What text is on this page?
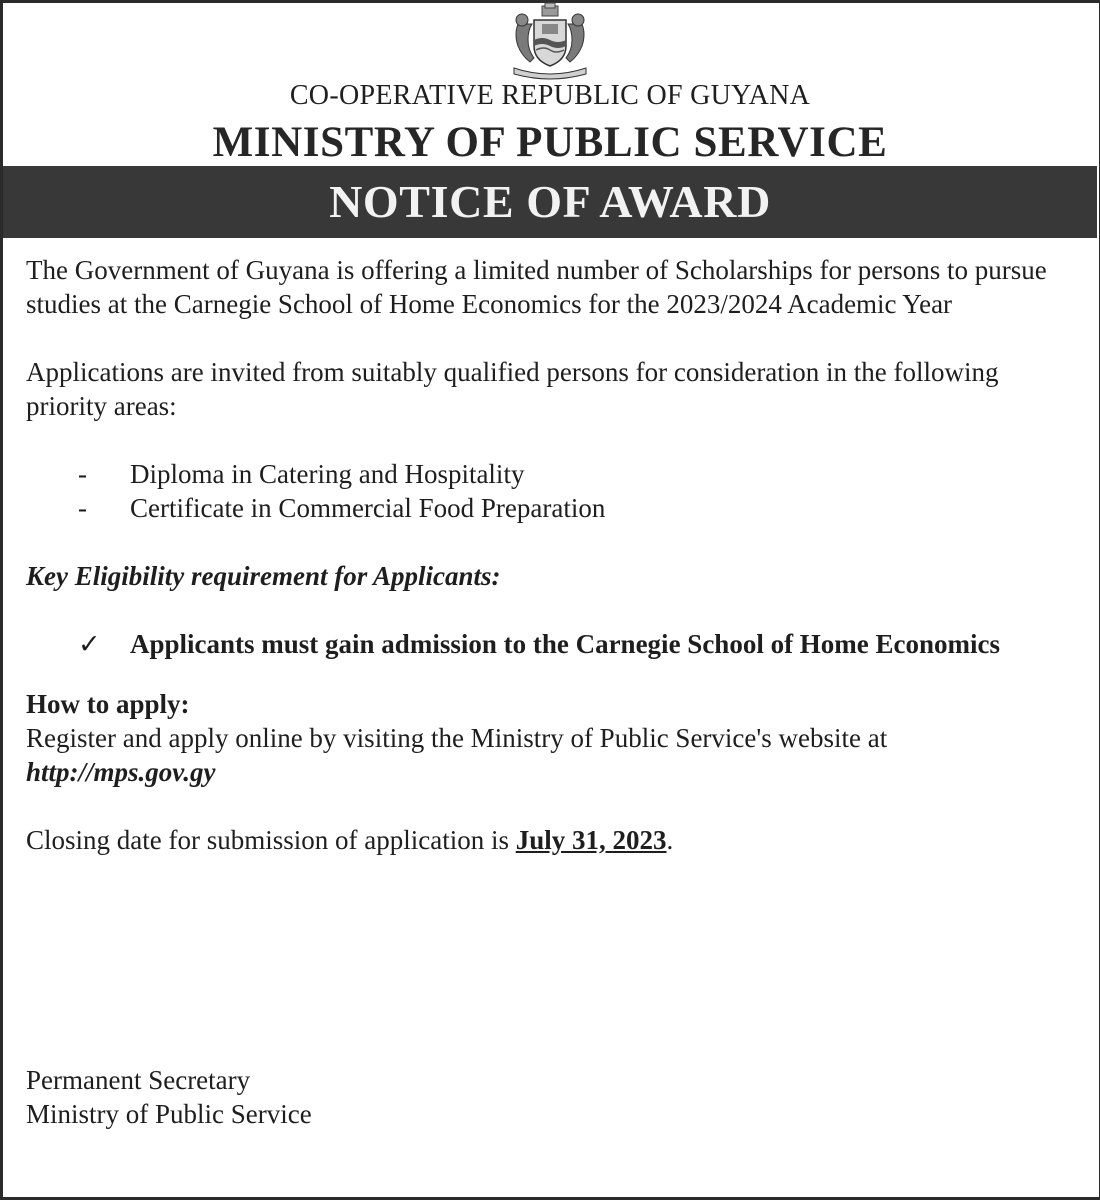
CO-OPERATIVE REPUBLIC OF GUYANA
MINISTRY OF PUBLIC SERVICE
NOTICE OF AWARD

The Government of Guyana is offering a limited number of Scholarships for persons to pursue studies at the Carnegie School of Home Economics for the 2023/2024 Academic Year

Applications are invited from suitably qualified persons for consideration in the following priority areas:

-	Diploma in Catering and Hospitality
-	Certificate in Commercial Food Preparation

Key Eligibility requirement for Applicants:

✓	Applicants must gain admission to the Carnegie School of Home Economics

How to apply:

Register and apply online by visiting the Ministry of Public Service's website at

http://mps.gov.gy

Closing date for submission of application is July 31, 2023.

Permanent Secretary
Ministry of Public Service
